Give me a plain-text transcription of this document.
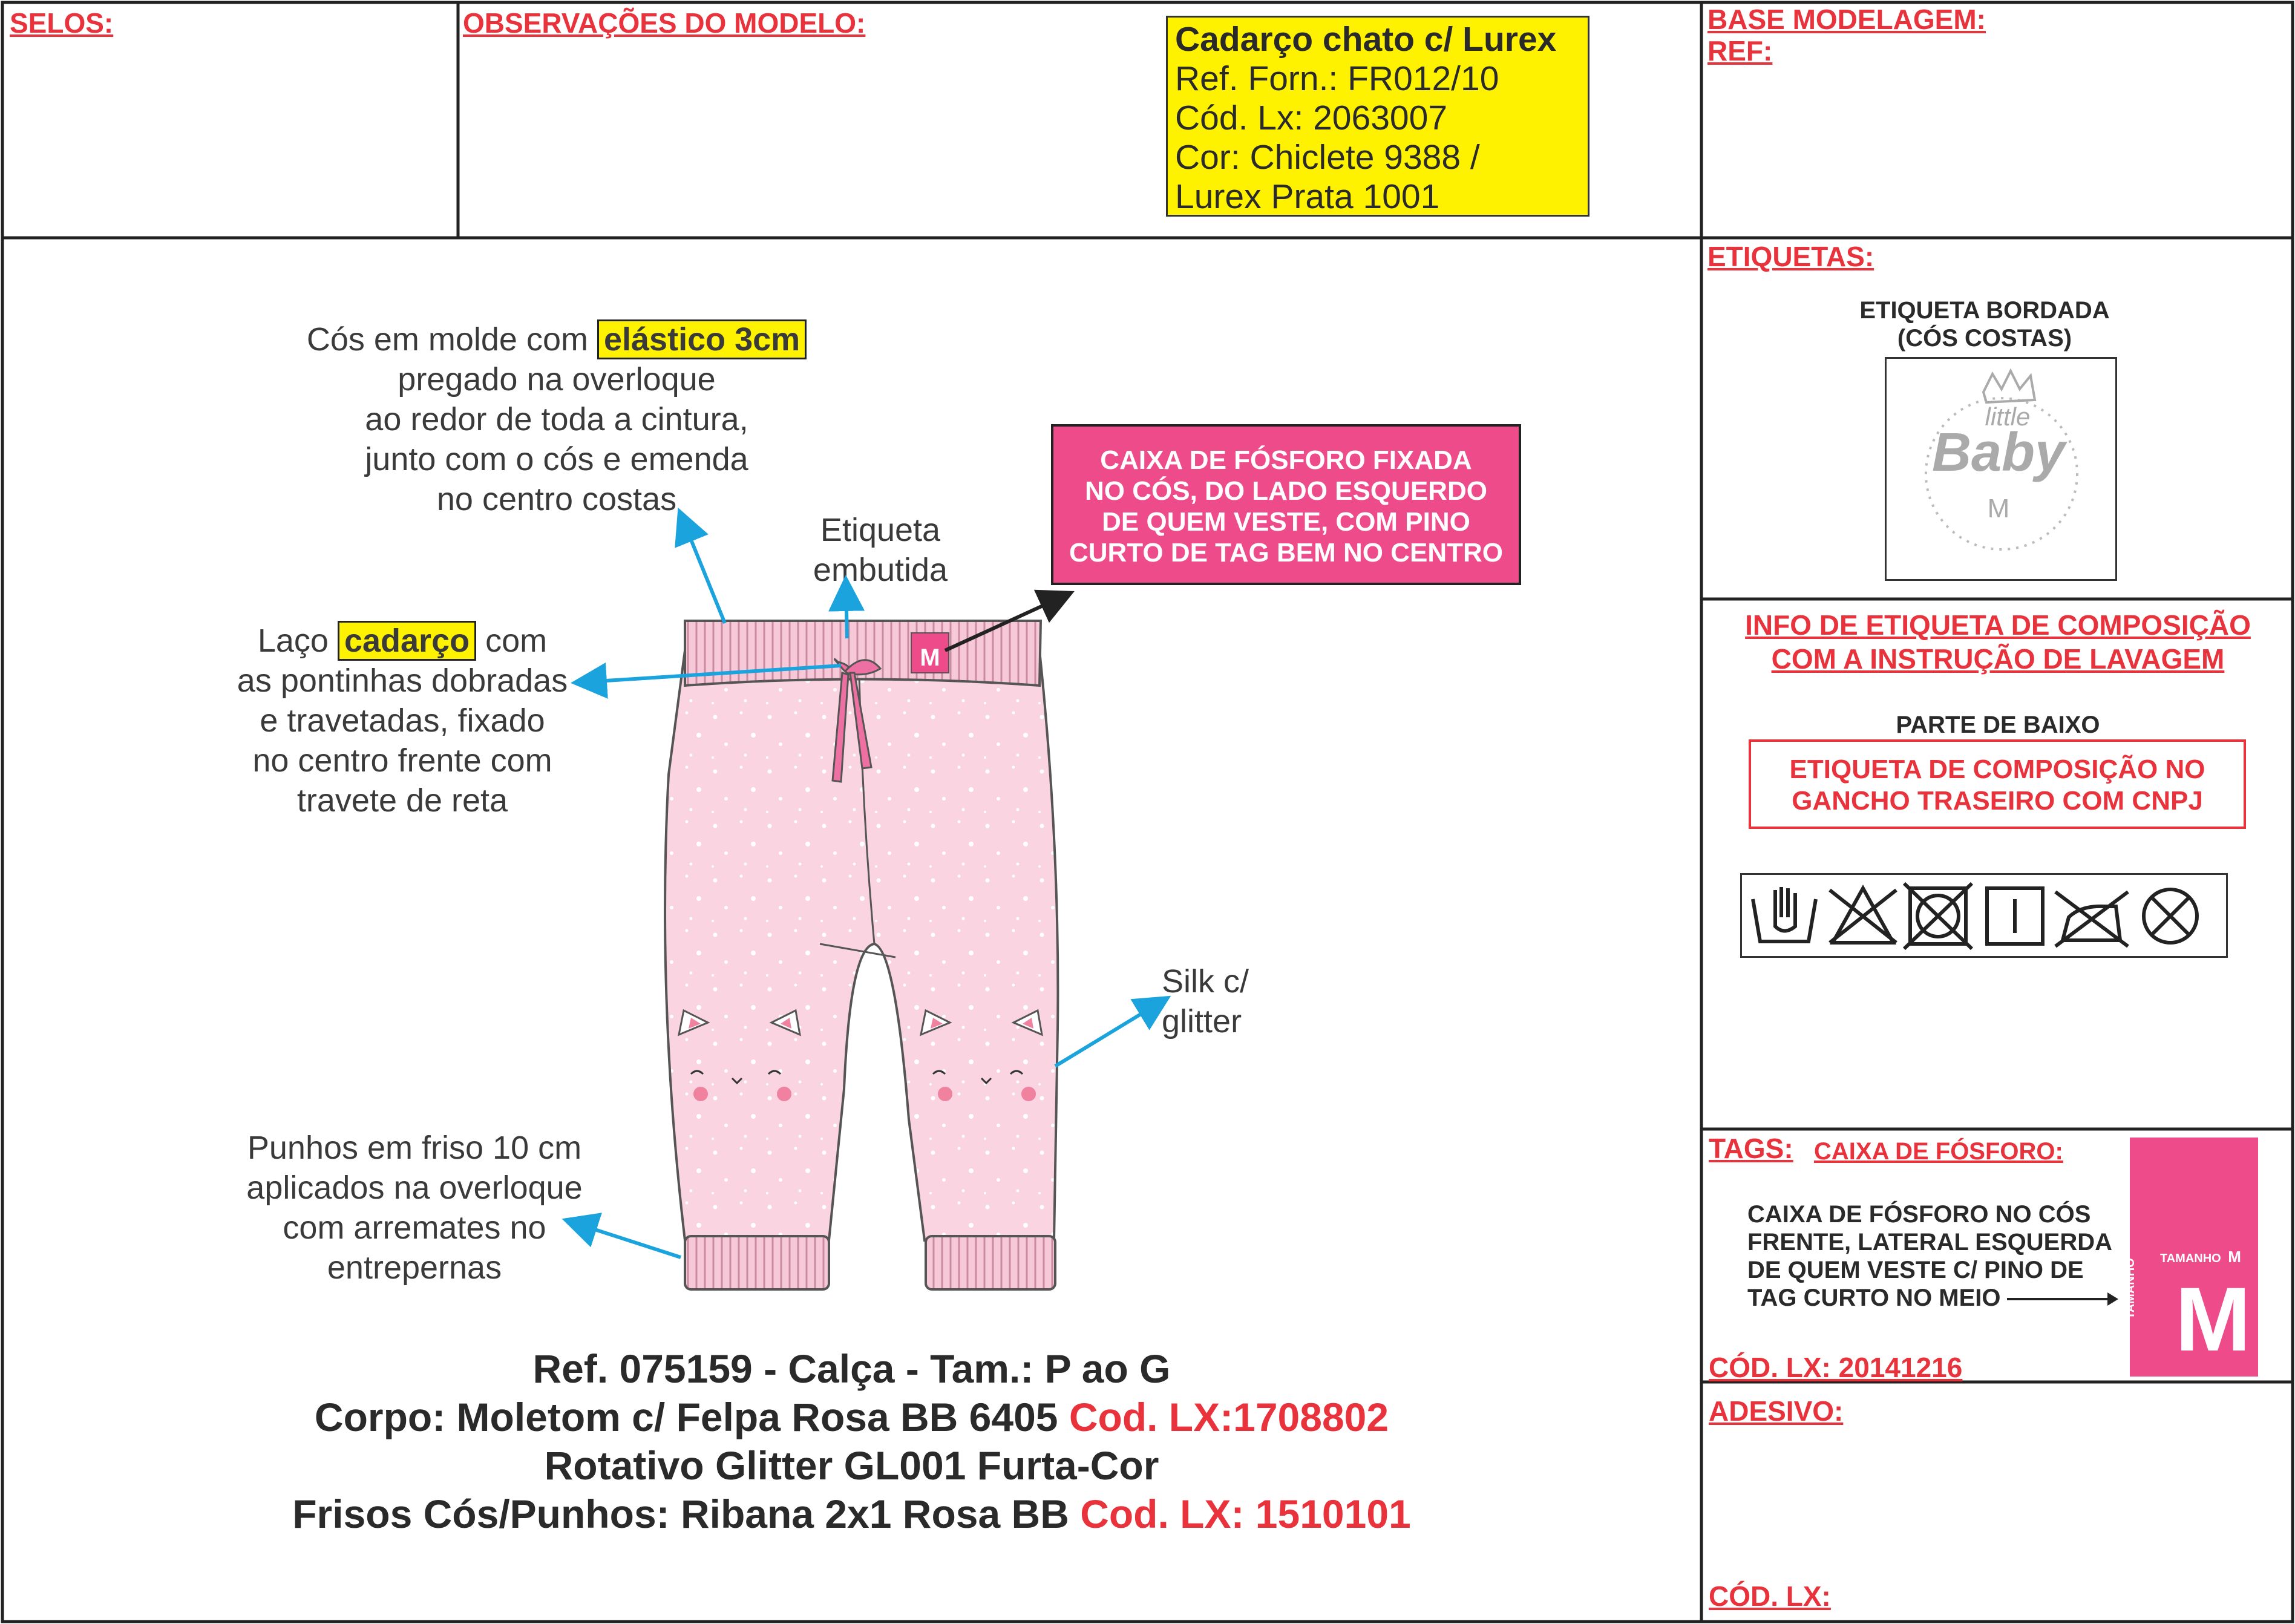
SELOS:	OBSERVAÇÕES DO MODELO:	Cadarço chato c/ Lurex
Ref. Forn.: FR012/10
Cód. Lx: 2063007
Cor: Chiclete 9388 /
Lurex Prata 1001
BASE MODELAGEM:
REF:
Cós em molde com elástico 3cm
pregado na overloque
ao redor de toda a cintura,
junto com o cós e emenda
no centro costas
Etiqueta
embutida
CAIXA DE FÓSFORO FIXADA
NO CÓS, DO LADO ESQUERDO
DE QUEM VESTE, COM PINO
CURTO DE TAG BEM NO CENTRO
Laço cadarço com
as pontinhas dobradas
e travetadas, fixado
no centro frente com
travete de reta
Silk c/
glitter
Punhos em friso 10 cm
aplicados na overloque
com arremates no
entrepernas
M
Ref. 075159 - Calça - Tam.: P ao G
Corpo: Moletom c/ Felpa Rosa BB 6405 Cod. LX:1708802
Rotativo Glitter GL001 Furta-Cor
Frisos Cós/Punhos: Ribana 2x1 Rosa BB Cod. LX: 1510101
ETIQUETAS:
ETIQUETA BORDADA
(CÓS COSTAS)
little
Baby
M
INFO DE ETIQUETA DE COMPOSIÇÃO
COM A INSTRUÇÃO DE LAVAGEM
PARTE DE BAIXO
ETIQUETA DE COMPOSIÇÃO NO
GANCHO TRASEIRO COM CNPJ
TAGS: CAIXA DE FÓSFORO:
CAIXA DE FÓSFORO NO CÓS
FRENTE, LATERAL ESQUERDA
DE QUEM VESTE C/ PINO DE
TAG CURTO NO MEIO
TAMANHO M
TAMANHO M
CÓD. LX: 20141216
ADESIVO:
CÓD. LX:
